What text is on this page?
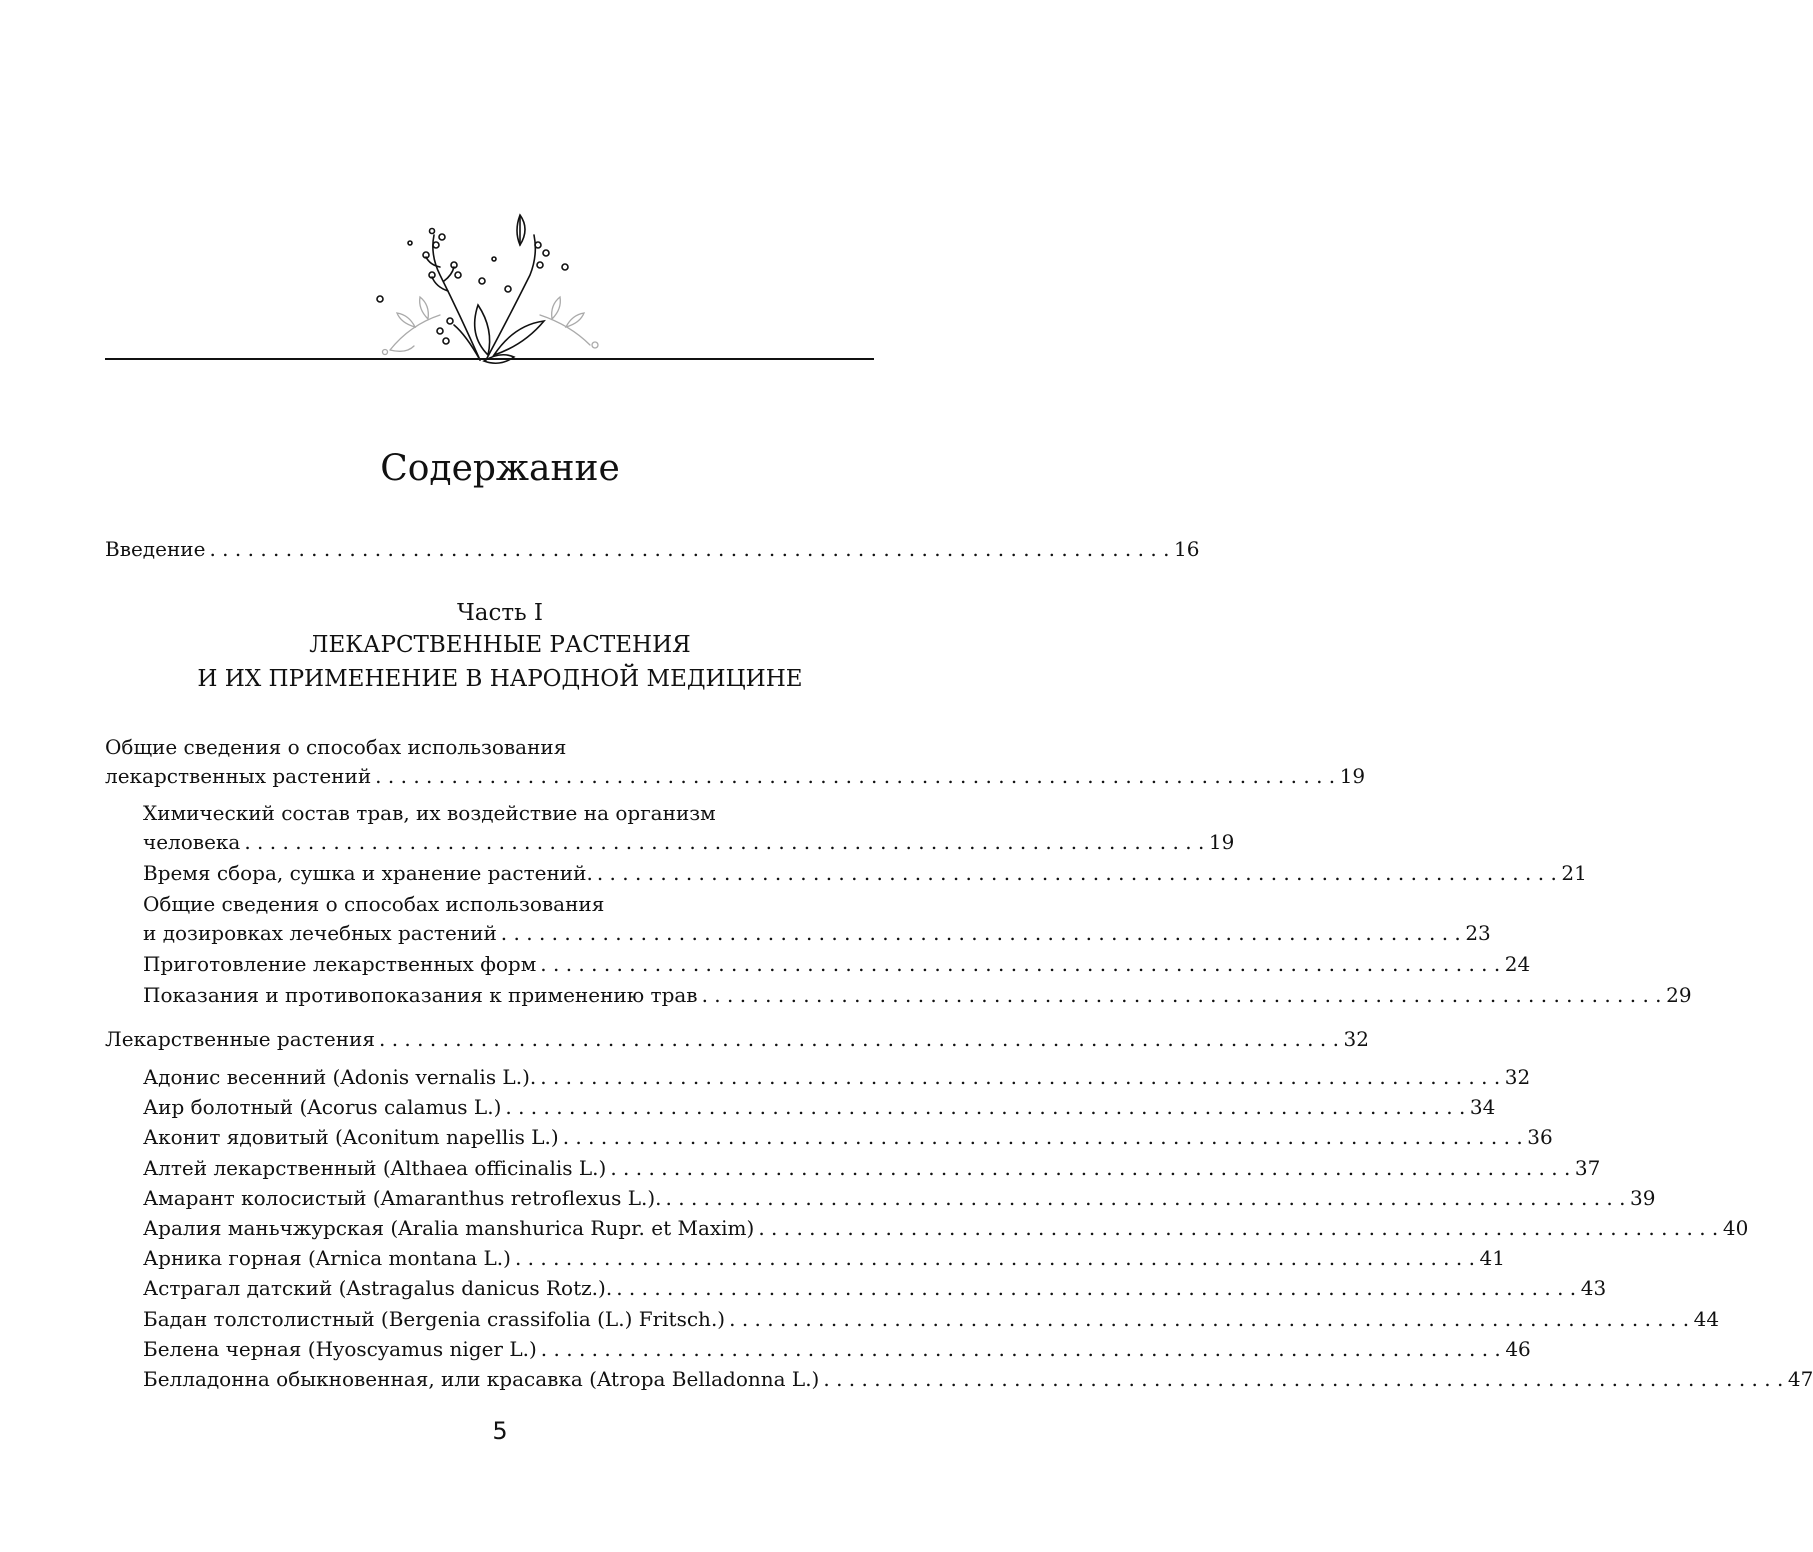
Содержание
Введение . . .	16
Часть I
ЛЕКАРСТВЕННЫЕ РАСТЕНИЯ
И ИХ ПРИМЕНЕНИЕ В НАРОДНОЙ МЕДИЦИНЕ
Общие сведения о способах использования
лекарственных растений . . .	19
Химический состав трав, их воздействие на организм
человека . . .	19
Время сбора, сушка и хранение растений. . . .	21
Общие сведения о способах использования
и дозировках лечебных растений . . .	23
Приготовление лекарственных форм . . .	24
Показания и противопоказания к применению трав . . .	29
Лекарственные растения . . .	32
Адонис весенний (Adonis vernalis L.). . . .	32
Аир болотный (Acorus calamus L.) . . .	34
Аконит ядовитый (Aconitum napellis L.) . . .	36
Алтей лекарственный (Althaea officinalis L.) . . .	37
Амарант колосистый (Amaranthus retroflexus L.). . . .	39
Аралия маньчжурская (Aralia manshurica Rupr. et Maxim) . . .	40
Арника горная (Arnica montana L.) . . .	41
Астрагал датский (Astragalus danicus Rotz.). . . .	43
Бадан толстолистный (Bergenia crassifolia (L.) Fritsch.) . . .	44
Белена черная (Hyoscyamus niger L.) . . .	46
Белладонна обыкновенная, или красавка (Atropa Belladonna L.) . . .	47
5
